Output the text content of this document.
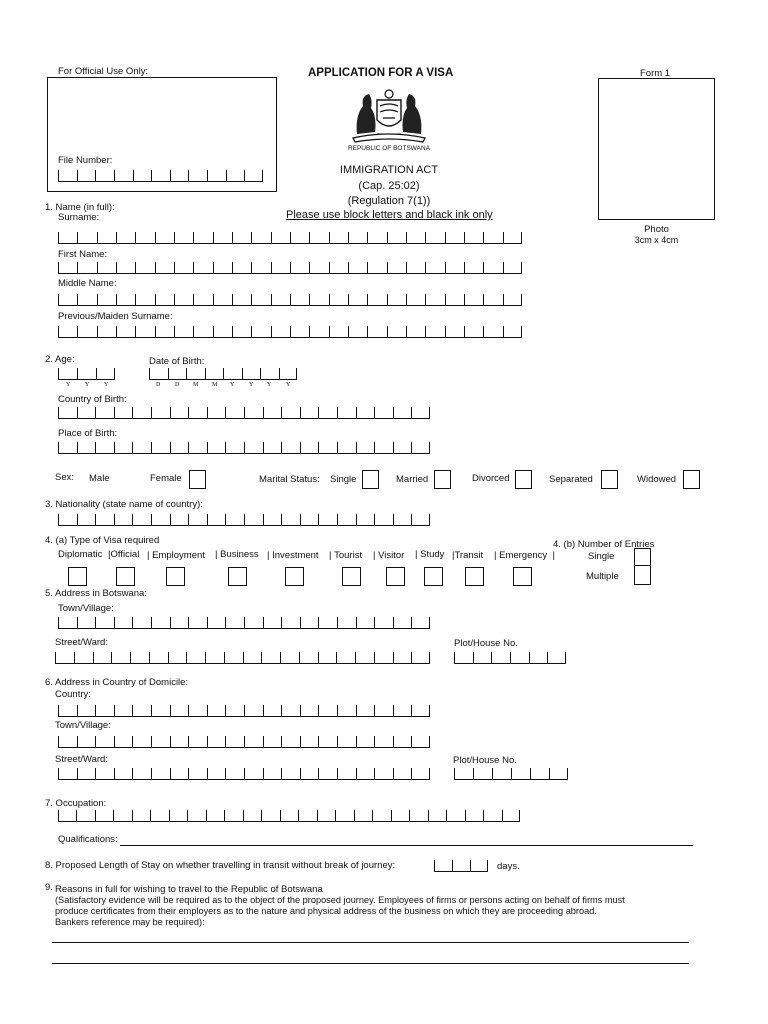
For Official Use Only:
File Number:
APPLICATION FOR A VISA	Form 1
Photo
3cm x 4cm
REPUBLIC OF BOTSWANA
IMMIGRATION ACT
(Cap. 25:02)
(Regulation 7(1))
Please use block letters and black ink only
1. Name (in full):
Surname:
First Name:
Middle Name:
Previous/Maiden Surname:
2. Age:
Y Y Y
Date of Birth:
D D M M Y Y Y Y
Country of Birth:
Place of Birth:
Sex: Male	Female	Marital Status: Single	Married	Divorced	Separated	Widowed
3. Nationality (state name of country):
4. (a) Type of Visa required
Diplomatic |Official | Employment | Business | Investment | Tourist | Visitor | Study |Transit | Emergency  |
4. (b) Number of Entries
Single
Multiple
5. Address in Botswana:
Town/Village:
Street/Ward:	Plot/House No.
6. Address in Country of Domicile:
Country:
Town/Village:
Street/Ward:	Plot/House No.
7. Occupation:
Qualifications:
8. Proposed Length of Stay on whether travelling in transit without break of journey:	days.
9. Reasons in full for wishing to travel to the Republic of Botswana
(Satisfactory evidence will be required as to the object of the proposed journey. Employees of firms or persons acting on behalf of firms must
produce certificates from their employers as to the nature and physical address of the business on which they are proceeding abroad.
Bankers reference may be required):
